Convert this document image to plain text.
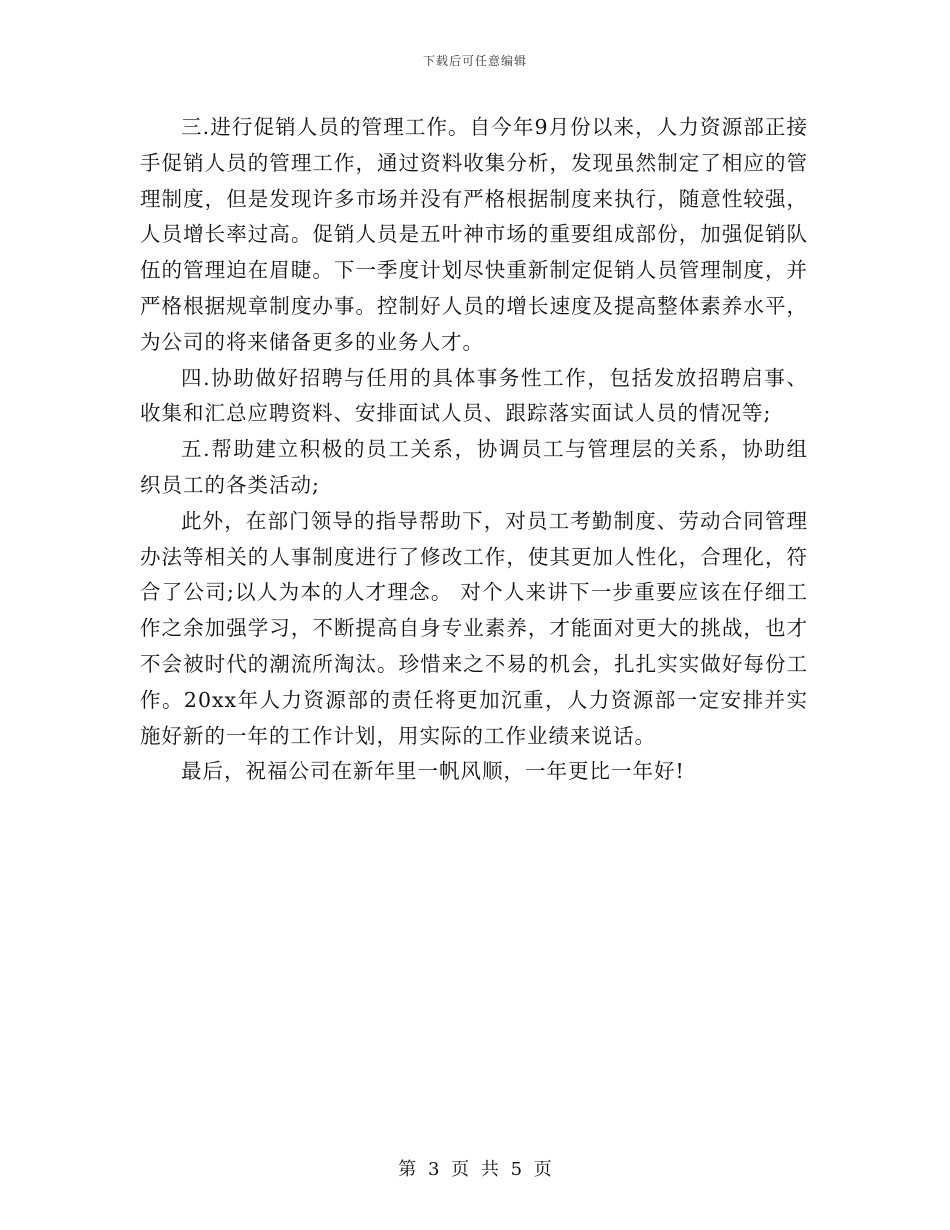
下载后可任意编辑

三.进行促销人员的管理工作。自今年9月份以来，人力资源部正接手促销人员的管理工作，通过资料收集分析，发现虽然制定了相应的管理制度，但是发现许多市场并没有严格根据制度来执行，随意性较强，人员增长率过高。促销人员是五叶神市场的重要组成部份，加强促销队伍的管理迫在眉睫。下一季度计划尽快重新制定促销人员管理制度，并严格根据规章制度办事。控制好人员的增长速度及提高整体素养水平，为公司的将来储备更多的业务人才。

四.协助做好招聘与任用的具体事务性工作，包括发放招聘启事、收集和汇总应聘资料、安排面试人员、跟踪落实面试人员的情况等;

五.帮助建立积极的员工关系，协调员工与管理层的关系，协助组织员工的各类活动;

此外，在部门领导的指导帮助下，对员工考勤制度、劳动合同管理办法等相关的人事制度进行了修改工作，使其更加人性化，合理化，符合了公司;以人为本的人才理念。 对个人来讲下一步重要应该在仔细工作之余加强学习，不断提高自身专业素养，才能面对更大的挑战，也才不会被时代的潮流所淘汰。珍惜来之不易的机会，扎扎实实做好每份工作。20xx年人力资源部的责任将更加沉重，人力资源部一定安排并实施好新的一年的工作计划，用实际的工作业绩来说话。

最后，祝福公司在新年里一帆风顺，一年更比一年好!

第 3 页 共 5 页
